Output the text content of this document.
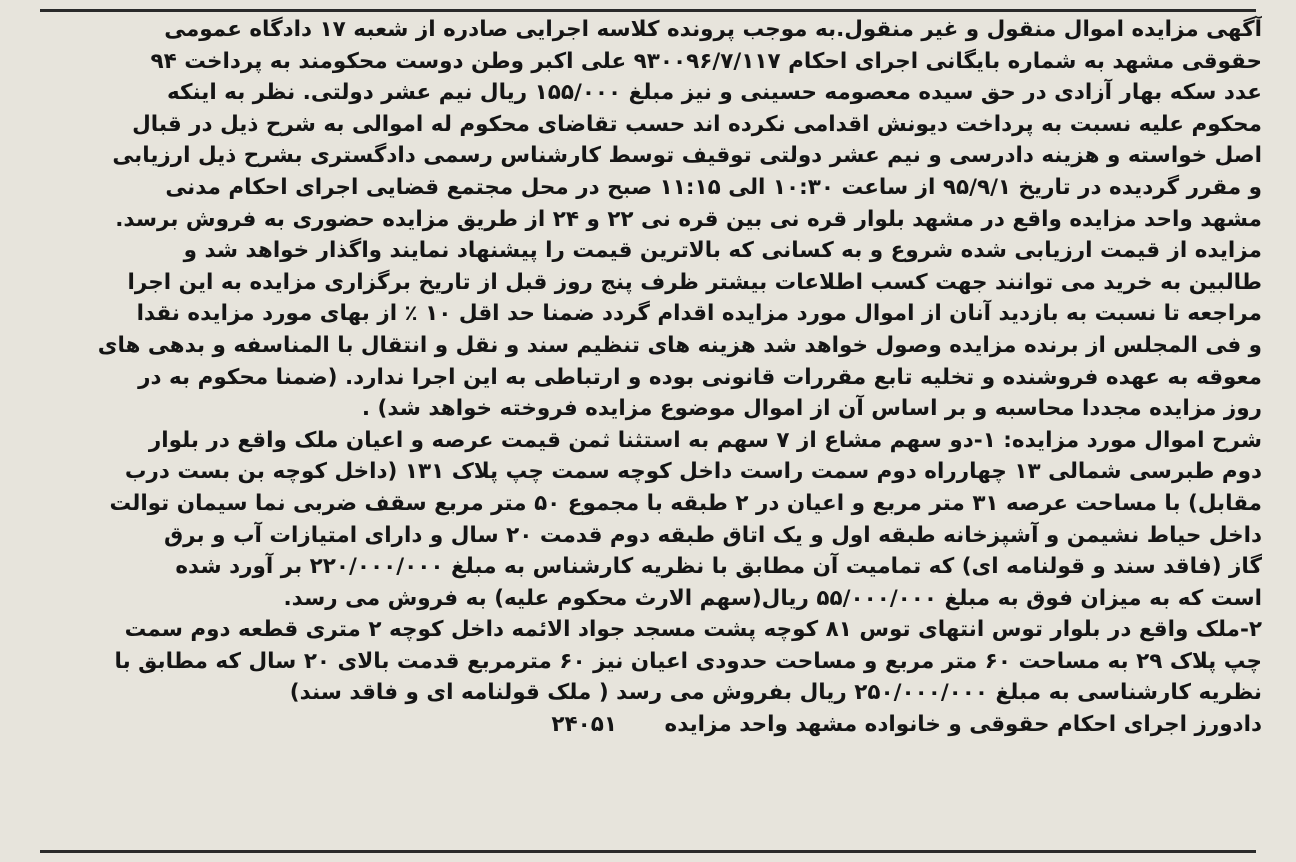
آگهی مزایده اموال منقول و غیر منقول.به موجب پرونده کلاسه اجرایی صادره از شعبه ۱۷ دادگاه عمومی
حقوقی مشهد به شماره بایگانی اجرای احکام ۹۳۰۰۹۶/۷/۱۱۷ علی اکبر وطن دوست محکومند به پرداخت ۹۴
عدد سکه بهار آزادی در حق سیده معصومه حسینی و نیز مبلغ ۱۵۵/۰۰۰ ریال نیم عشر دولتی. نظر به اینکه
محکوم علیه نسبت به پرداخت دیونش اقدامی نکرده اند حسب تقاضای محکوم له اموالی به شرح ذیل در قبال
اصل خواسته و هزینه دادرسی و نیم عشر دولتی توقیف توسط کارشناس رسمی دادگستری بشرح ذیل ارزیابی
و مقرر گردیده در تاریخ ۹۵/۹/۱ از ساعت ۱۰:۳۰ الی ۱۱:۱۵ صبح در محل مجتمع قضایی اجرای احکام مدنی
مشهد واحد مزایده واقع در مشهد بلوار قره نی بین قره نی ۲۲ و ۲۴ از طریق مزایده حضوری به فروش برسد.
مزایده از قیمت ارزیابی شده شروع و به کسانی که بالاترین قیمت را پیشنهاد نمایند واگذار خواهد شد و
طالبین به خرید می توانند جهت کسب اطلاعات بیشتر ظرف پنج روز قبل از تاریخ برگزاری مزایده به این اجرا
مراجعه تا نسبت به بازدید آنان از اموال مورد مزایده اقدام گردد ضمنا حد اقل ۱۰ ٪ از بهای مورد مزایده نقدا
و فی المجلس از برنده مزایده وصول خواهد شد هزینه های تنظیم سند و نقل و انتقال با المناسفه و بدهی های
معوقه به عهده فروشنده و تخلیه تابع مقررات قانونی بوده و ارتباطی به این اجرا ندارد. (ضمنا محکوم به در
روز مزایده مجددا محاسبه و بر اساس آن از اموال موضوع مزایده فروخته خواهد شد) .
شرح اموال مورد مزایده: ۱-دو سهم مشاع از ۷ سهم به استثنا ثمن قیمت عرصه و اعیان ملک واقع در بلوار
دوم طبرسی شمالی ۱۳ چهارراه دوم سمت راست داخل کوچه سمت چپ پلاک ۱۳۱ (داخل کوچه بن بست درب
مقابل) با مساحت عرصه ۳۱ متر مربع و اعیان در ۲ طبقه با مجموع ۵۰ متر مربع سقف ضربی نما سیمان توالت
داخل حیاط نشیمن و آشپزخانه طبقه اول و یک اتاق طبقه دوم قدمت ۲۰ سال و دارای امتیازات آب و برق
گاز (فاقد سند و قولنامه ای) که تمامیت آن مطابق با نظریه کارشناس به مبلغ ۲۲۰/۰۰۰/۰۰۰ بر آورد شده
است که به میزان فوق به مبلغ ۵۵/۰۰۰/۰۰۰ ریال(سهم الارث محکوم علیه) به فروش می رسد.
۲-ملک واقع در بلوار توس انتهای توس ۸۱ کوچه پشت مسجد جواد الائمه داخل کوچه ۲ متری قطعه دوم سمت
چپ پلاک ۲۹ به مساحت ۶۰ متر مربع و مساحت حدودی اعیان نیز ۶۰ مترمربع قدمت بالای ۲۰ سال که مطابق با
نظریه کارشناسی به مبلغ ۲۵۰/۰۰۰/۰۰۰ ریال بفروش می رسد ( ملک قولنامه ای و فاقد سند)
دادورز اجرای احکام حقوقی و خانواده مشهد واحد مزایده ۲۴۰۵۱
